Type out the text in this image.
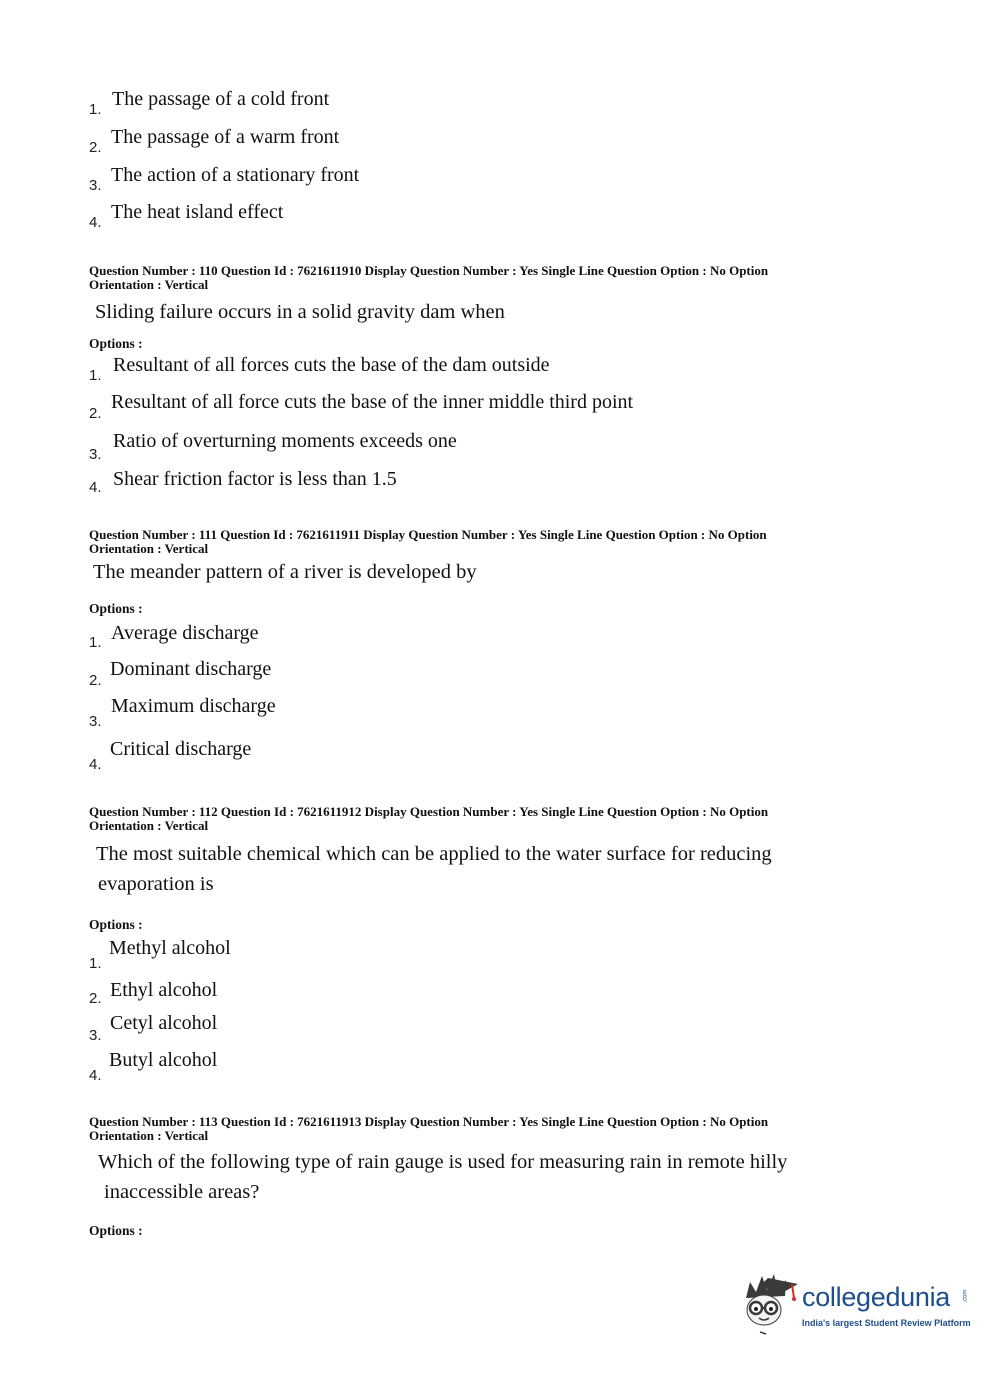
1. The passage of a cold front
2. The passage of a warm front
3. The action of a stationary front
4. The heat island effect
Question Number : 110 Question Id : 7621611910 Display Question Number : Yes Single Line Question Option : No Option
Orientation : Vertical
Sliding failure occurs in a solid gravity dam when
Options :
1. Resultant of all forces cuts the base of the dam outside
2.
Resultant of all force cuts the base of the inner middle third point
3.
Ratio of overturning moments exceeds one
4. Shear friction factor is less than 1.5
Question Number : 111 Question Id : 7621611911 Display Question Number : Yes Single Line Question Option : No Option
Orientation : Vertical
The meander pattern of a river is developed by
Options :
1. Average discharge
2.
Dominant discharge
3.
Maximum discharge
4.
Critical discharge
Question Number : 112 Question Id : 7621611912 Display Question Number : Yes Single Line Question Option : No Option
Orientation : Vertical
The most suitable chemical which can be applied to the water surface for reducing
evaporation is
Options :
1.
Methyl alcohol
2. Ethyl alcohol
3.
Cetyl alcohol
4.
Butyl alcohol
Question Number : 113 Question Id : 7621611913 Display Question Number : Yes Single Line Question Option : No Option
Orientation : Vertical
Which of the following type of rain gauge is used for measuring rain in remote hilly
inaccessible areas?
Options :
collegedunia .com
India's largest Student Review Platform
